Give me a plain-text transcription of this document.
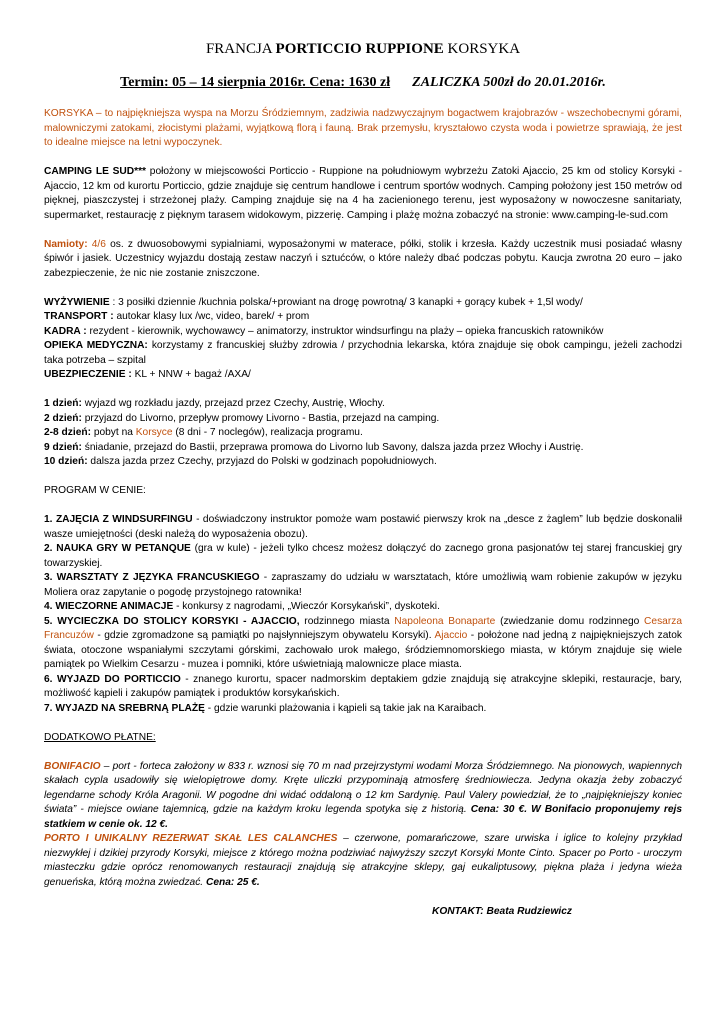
FRANCJA PORTICCIO RUPPIONE KORSYKA
Termin: 05 – 14 sierpnia 2016r. Cena: 1630 zł ZALICZKA 500zł do 20.01.2016r.

KORSYKA – to najpiękniejsza wyspa na Morzu Śródziemnym, zadziwia nadzwyczajnym bogactwem krajobrazów - wszechobecnymi górami, malowniczymi zatokami, złocistymi plażami, wyjątkową florą i fauną. Brak przemysłu, kryształowo czysta woda i powietrze sprawiają, że jest to idealne miejsce na letni wypoczynek.

CAMPING LE SUD*** położony w miejscowości Porticcio - Ruppione na południowym wybrzeżu Zatoki Ajaccio, 25 km od stolicy Korsyki - Ajaccio, 12 km od kurortu Porticcio, gdzie znajduje się centrum handlowe i centrum sportów wodnych. Camping położony jest 150 metrów od pięknej, piaszczystej i strzeżonej plaży. Camping znajduje się na 4 ha zacienionego terenu, jest wyposażony w nowoczesne sanitariaty, supermarket, restaurację z pięknym tarasem widokowym, pizzerię. Camping i plażę można zobaczyć na stronie: www.camping-le-sud.com

Namioty: 4/6 os. z dwuosobowymi sypialniami, wyposażonymi w materace, półki, stolik i krzesła. Każdy uczestnik musi posiadać własny śpiwór i jasiek. Uczestnicy wyjazdu dostają zestaw naczyń i sztućców, o które należy dbać podczas pobytu. Kaucja zwrotna 20 euro – jako zabezpieczenie, że nic nie zostanie zniszczone.

WYŻYWIENIE : 3 posiłki dziennie /kuchnia polska/+prowiant na drogę powrotną/ 3 kanapki + gorący kubek + 1,5l wody/
TRANSPORT : autokar klasy lux /wc, video, barek/ + prom
KADRA : rezydent - kierownik, wychowawcy – animatorzy, instruktor windsurfingu na plaży – opieka francuskich ratowników
OPIEKA MEDYCZNA: korzystamy z francuskiej służby zdrowia / przychodnia lekarska, która znajduje się obok campingu, jeżeli zachodzi taka potrzeba – szpital
UBEZPIECZENIE : KL + NNW + bagaż /AXA/

1 dzień: wyjazd wg rozkładu jazdy, przejazd przez Czechy, Austrię, Włochy.
2 dzień: przyjazd do Livorno, przepływ promowy Livorno - Bastia, przejazd na camping.
2-8 dzień: pobyt na Korsyce (8 dni - 7 noclegów), realizacja programu.
9 dzień: śniadanie, przejazd do Bastii, przeprawa promowa do Livorno lub Savony, dalsza jazda przez Włochy i Austrię.
10 dzień: dalsza jazda przez Czechy, przyjazd do Polski w godzinach popołudniowych.

PROGRAM W CENIE:

1. ZAJĘCIA Z WINDSURFINGU - doświadczony instruktor pomoże wam postawić pierwszy krok na „desce z żaglem” lub będzie doskonalił wasze umiejętności (deski należą do wyposażenia obozu).
2. NAUKA GRY W PETANQUE (gra w kule) - jeżeli tylko chcesz możesz dołączyć do zacnego grona pasjonatów tej starej francuskiej gry towarzyskiej.
3. WARSZTATY Z JĘZYKA FRANCUSKIEGO - zapraszamy do udziału w warsztatach, które umożliwią wam robienie zakupów w języku Moliera oraz zapytanie o pogodę przystojnego ratownika!
4. WIECZORNE ANIMACJE - konkursy z nagrodami, „Wieczór Korsykański”, dyskoteki.
5. WYCIECZKA DO STOLICY KORSYKI - AJACCIO, rodzinnego miasta Napoleona Bonaparte (zwiedzanie domu rodzinnego Cesarza Francuzów - gdzie zgromadzone są pamiątki po najsłynniejszym obywatelu Korsyki). Ajaccio - położone nad jedną z najpiękniejszych zatok świata, otoczone wspaniałymi szczytami górskimi, zachowało urok małego, śródziemnomorskiego miasta, w którym znajduje się wiele pamiątek po Wielkim Cesarzu - muzea i pomniki, które uświetniają malownicze place miasta.
6. WYJAZD DO PORTICCIO - znanego kurortu, spacer nadmorskim deptakiem gdzie znajdują się atrakcyjne sklepiki, restauracje, bary, możliwość kąpieli i zakupów pamiątek i produktów korsykańskich.
7. WYJAZD NA SREBRNĄ PLAŻĘ - gdzie warunki plażowania i kąpieli są takie jak na Karaibach.

DODATKOWO PŁATNE:

BONIFACIO – port - forteca założony w 833 r. wznosi się 70 m nad przejrzystymi wodami Morza Śródziemnego. Na pionowych, wapiennych skałach cypla usadowiły się wielopiętrowe domy. Kręte uliczki przypominają atmosferę średniowiecza. Jedyna okazja żeby zobaczyć legendarne schody Króla Aragonii. W pogodne dni widać oddaloną o 12 km Sardynię. Paul Valery powiedział, że to „najpiękniejszy koniec świata” - miejsce owiane tajemnicą, gdzie na każdym kroku legenda spotyka się z historią. Cena: 30 €. W Bonifacio proponujemy rejs statkiem w cenie ok. 12 €.
PORTO I UNIKALNY REZERWAT SKAŁ LES CALANCHES – czerwone, pomarańczowe, szare urwiska i iglice to kolejny przykład niezwykłej i dzikiej przyrody Korsyki, miejsce z którego można podziwiać najwyższy szczyt Korsyki Monte Cinto. Spacer po Porto - uroczym miasteczku gdzie oprócz renomowanych restauracji znajdują się atrakcyjne sklepy, gaj eukaliptusowy, piękna plaża i jedyna wieża genueńska, którą można zwiedzać. Cena: 25 €.

KONTAKT: Beata Rudziewicz
